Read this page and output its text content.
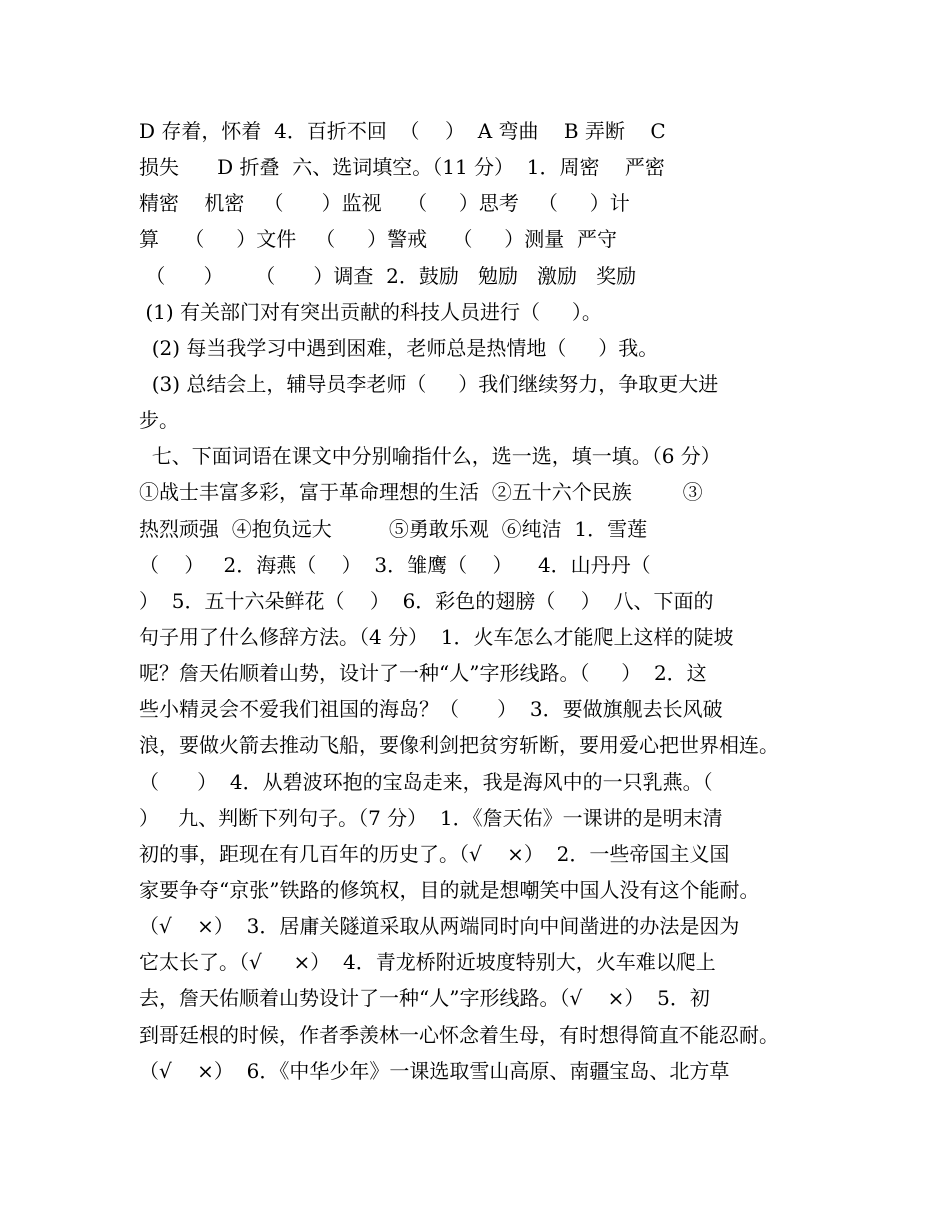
D 存着，怀着  4．百折不回  （    ）  A 弯曲    B 弄断    C
损失      D 折叠  六、选词填空。（11 分）  1．周密    严密
精密    机密   （      ）监视    （     ）思考   （     ）计
算    （     ）文件   （     ）警戒    （     ）测量  严守
（      ）     （      ）调查  2．鼓励   勉励   激励   奖励
(1) 有关部门对有突出贡献的科技人员进行（     ）。
(2) 每当我学习中遇到困难，老师总是热情地（     ）我。
(3) 总结会上，辅导员李老师（     ）我们继续努力，争取更大进
步。
七、下面词语在课文中分别喻指什么，选一选，填一填。（6 分）
①战士丰富多彩，富于革命理想的生活  ②五十六个民族        ③
热烈顽强  ④抱负远大         ⑤勇敢乐观  ⑥纯洁  1．雪莲
（    ）   2．海燕（    ）  3．雏鹰（    ）    4．山丹丹（
）  5．五十六朵鲜花（    ）  6．彩色的翅膀（    ）  八、下面的
句子用了什么修辞方法。（4 分）  1．火车怎么才能爬上这样的陡坡
呢？詹天佑顺着山势，设计了一种“人”字形线路。（     ）  2．这
些小精灵会不爱我们祖国的海岛？（      ）  3．要做旗舰去长风破
浪，要做火箭去推动飞船，要像利剑把贫穷斩断，要用爱心把世界相连。
（      ）  4．从碧波环抱的宝岛走来，我是海风中的一只乳燕。（
）   九、判断下列句子。（7 分）  1．《詹天佑》一课讲的是明末清
初的事，距现在有几百年的历史了。（√    ×）  2．一些帝国主义国
家要争夺“京张”铁路的修筑权，目的就是想嘲笑中国人没有这个能耐。
（√    ×）  3．居庸关隧道采取从两端同时向中间凿进的办法是因为
它太长了。（√     ×）  4．青龙桥附近坡度特别大，火车难以爬上
去，詹天佑顺着山势设计了一种“人”字形线路。（√    ×）  5．初
到哥廷根的时候，作者季羡林一心怀念着生母，有时想得简直不能忍耐。
（√    ×）  6．《中华少年》一课选取雪山高原、南疆宝岛、北方草
